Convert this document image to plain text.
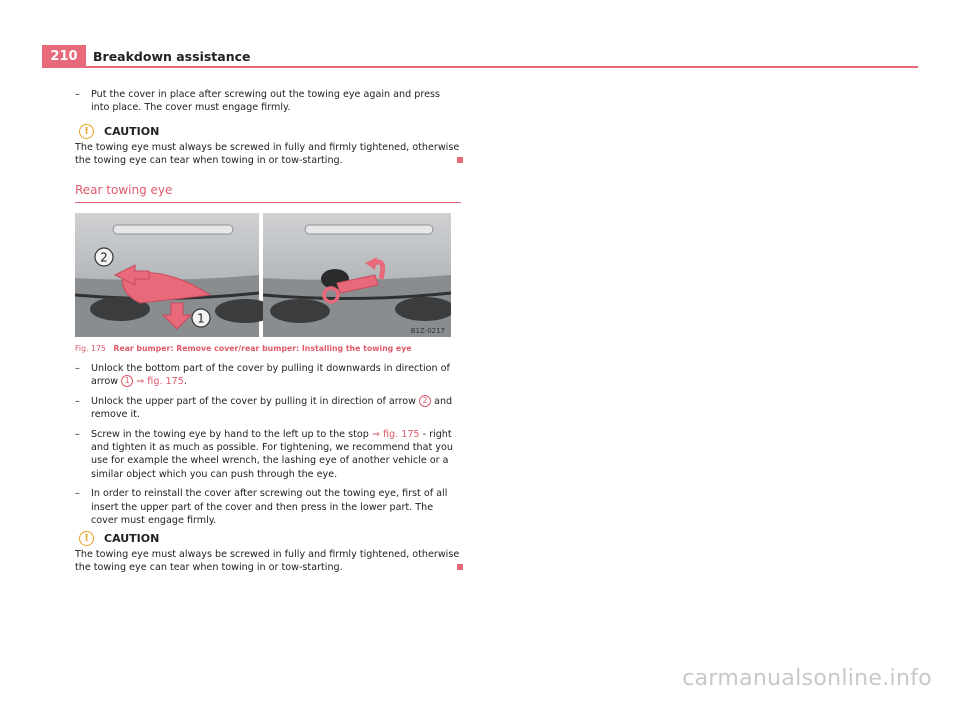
210	Breakdown assistance
– Put the cover in place after screwing out the towing eye again and press into place. The cover must engage firmly.
!	CAUTION
The towing eye must always be screwed in fully and firmly tightened, otherwise the towing eye can tear when towing in or tow-starting.
Rear towing eye
2
1
B1Z-0217
Fig. 175 Rear bumper: Remove cover/rear bumper: Installing the towing eye
– Unlock the bottom part of the cover by pulling it downwards in direction of arrow 1 ⇒ fig. 175.
– Unlock the upper part of the cover by pulling it in direction of arrow 2 and remove it.
– Screw in the towing eye by hand to the left up to the stop ⇒ fig. 175 - right and tighten it as much as possible. For tightening, we recommend that you use for example the wheel wrench, the lashing eye of another vehicle or a similar object which you can push through the eye.
– In order to reinstall the cover after screwing out the towing eye, first of all insert the upper part of the cover and then press in the lower part. The cover must engage firmly.
!	CAUTION
The towing eye must always be screwed in fully and firmly tightened, otherwise the towing eye can tear when towing in or tow-starting.
carmanualsonline.info
